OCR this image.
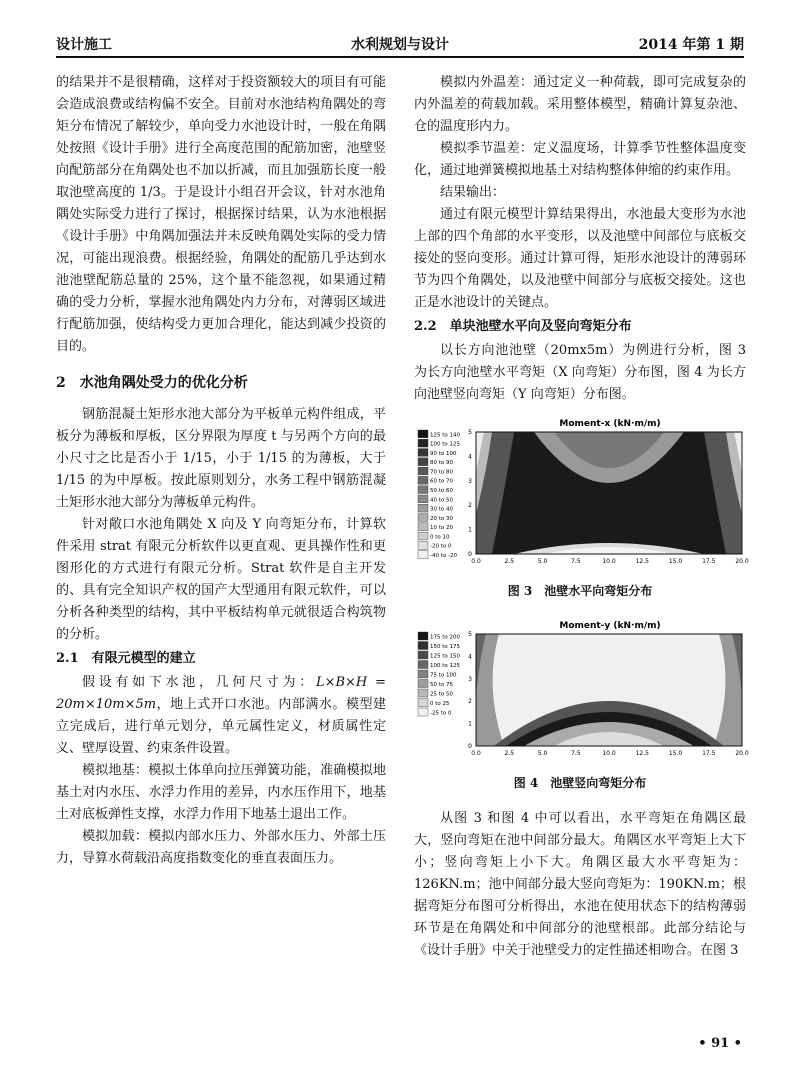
设计施工	水利规划与设计	2014 年第 1 期

的结果并不是很精确，这样对于投资额较大的项目有可能会造成浪费或结构偏不安全。目前对水池结构角隅处的弯矩分布情况了解较少，单向受力水池设计时，一般在角隅处按照《设计手册》进行全高度范围的配筋加密，池壁竖向配筋部分在角隅处也不加以折减，而且加强筋长度一般取池壁高度的 1/3。于是设计小组召开会议，针对水池角隅处实际受力进行了探讨，根据探讨结果，认为水池根据《设计手册》中角隅加强法并未反映角隅处实际的受力情况，可能出现浪费。根据经验，角隅处的配筋几乎达到水池池壁配筋总量的 25%，这个量不能忽视，如果通过精确的受力分析，掌握水池角隅处内力分布，对薄弱区域进行配筋加强，使结构受力更加合理化，能达到减少投资的目的。

2　水池角隅处受力的优化分析

钢筋混凝土矩形水池大部分为平板单元构件组成，平板分为薄板和厚板，区分界限为厚度 t 与另两个方向的最小尺寸之比是否小于 1/15，小于 1/15 的为薄板，大于 1/15 的为中厚板。按此原则划分，水务工程中钢筋混凝土矩形水池大部分为薄板单元构件。

针对敞口水池角隅处 X 向及 Y 向弯矩分布，计算软件采用 strat 有限元分析软件以更直观、更具操作性和更图形化的方式进行有限元分析。Strat 软件是自主开发的、具有完全知识产权的国产大型通用有限元软件，可以分析各种类型的结构，其中平板结构单元就很适合构筑物的分析。

2.1　有限元模型的建立

假设有如下水池，几何尺寸为：L×B×H = 20m×10m×5m，地上式开口水池。内部满水。模型建立完成后，进行单元划分，单元属性定义，材质属性定义、壁厚设置、约束条件设置。

模拟地基：模拟土体单向拉压弹簧功能，准确模拟地基土对内水压、水浮力作用的差异，内水压作用下，地基土对底板弹性支撑，水浮力作用下地基土退出工作。

模拟加载：模拟内部水压力、外部水压力、外部土压力，导算水荷载沿高度指数变化的垂直表面压力。

模拟内外温差：通过定义一种荷载，即可完成复杂的内外温差的荷载加载。采用整体模型，精确计算复杂池、仓的温度形内力。

模拟季节温差：定义温度场，计算季节性整体温度变化，通过地弹簧模拟地基土对结构整体伸缩的约束作用。

结果输出：

通过有限元模型计算结果得出，水池最大变形为水池上部的四个角部的水平变形，以及池壁中间部位与底板交接处的竖向变形。通过计算可得，矩形水池设计的薄弱环节为四个角隅处，以及池壁中间部分与底板交接处。这也正是水池设计的关键点。

2.2　单块池壁水平向及竖向弯矩分布

以长方向池池壁（20mx5m）为例进行分析，图 3 为长方向池壁水平弯矩（X 向弯矩）分布图，图 4 为长方向池壁竖向弯矩（Y 向弯矩）分布图。

Moment-x (kN·m/m)
125 to 140
100 to 125
90 to 100
80 to 90
70 to 80
60 to 70
50 to 60
40 to 50
30 to 40
20 to 30
10 to 20
0 to 10
-20 to 0
-40 to -20
0.0	2.5	5.0	7.5	10.0	12.5	15.0	17.5	20.0
5
4
3
2
1
0

图 3　池壁水平向弯矩分布

Moment-y (kN·m/m)
175 to 200
150 to 175
125 to 150
100 to 125
75 to 100
50 to 75
25 to 50
0 to 25
-25 to 0
0.0	2.5	5.0	7.5	10.0	12.5	15.0	17.5	20.0
5
4
3
2
1
0

图 4　池壁竖向弯矩分布

从图 3 和图 4 中可以看出，水平弯矩在角隅区最大，竖向弯矩在池中间部分最大。角隅区水平弯矩上大下小；竖向弯矩上小下大。角隅区最大水平弯矩为：126KN.m；池中间部分最大竖向弯矩为：190KN.m；根据弯矩分布图可分析得出，水池在使用状态下的结构薄弱环节是在角隅处和中间部分的池壁根部。此部分结论与《设计手册》中关于池壁受力的定性描述相吻合。在图 3

• 91 •
